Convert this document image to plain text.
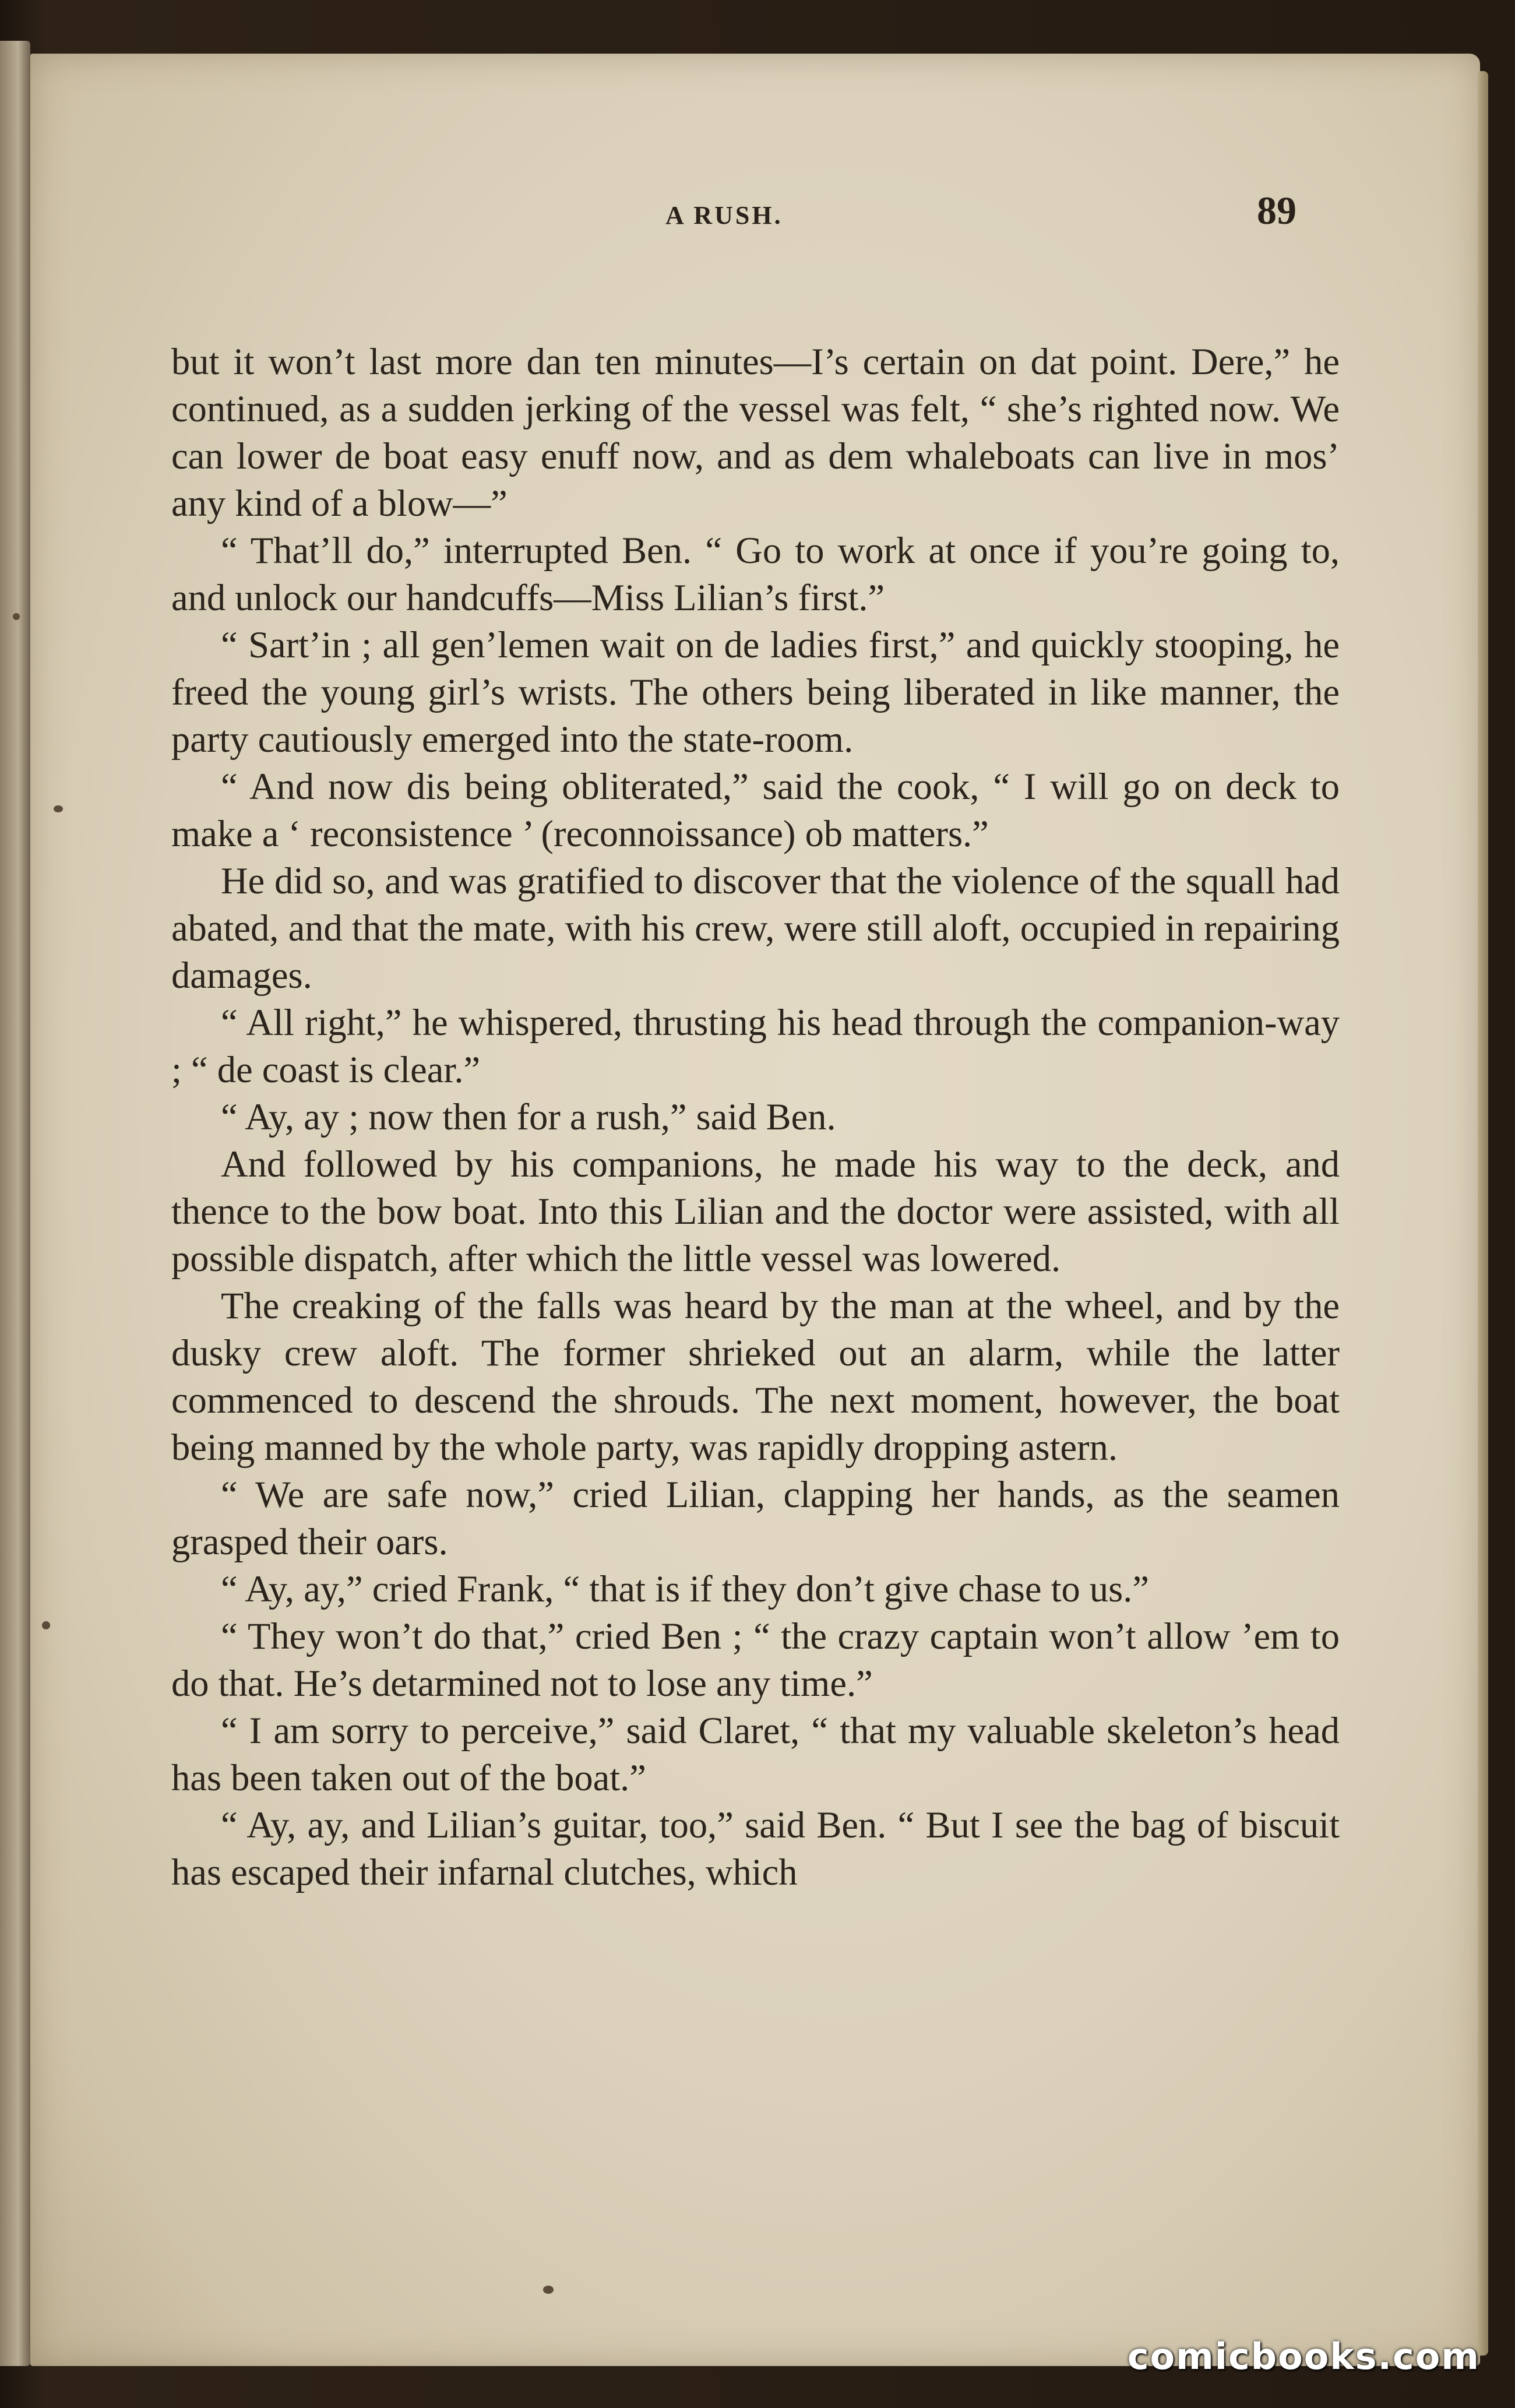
A RUSH.	89

but it won’t last more dan ten minutes—I’s certain on dat point. Dere,” he continued, as a sudden jerking of the vessel was felt, “ she’s righted now. We can lower de boat easy enuff now, and as dem whaleboats can live in mos’ any kind of a blow—”

“ That’ll do,” interrupted Ben. “ Go to work at once if you’re going to, and unlock our handcuffs—Miss Lilian’s first.”

“ Sart’in ; all gen’lemen wait on de ladies first,” and quickly stooping, he freed the young girl’s wrists. The others being liberated in like manner, the party cautiously emerged into the state-room.

“ And now dis being obliterated,” said the cook, “ I will go on deck to make a ‘ reconsistence ’ (reconnoissance) ob matters.”

He did so, and was gratified to discover that the violence of the squall had abated, and that the mate, with his crew, were still aloft, occupied in repairing damages.

“ All right,” he whispered, thrusting his head through the companion-way ; “ de coast is clear.”

“ Ay, ay ; now then for a rush,” said Ben.

And followed by his companions, he made his way to the deck, and thence to the bow boat. Into this Lilian and the doctor were assisted, with all possible dispatch, after which the little vessel was lowered.

The creaking of the falls was heard by the man at the wheel, and by the dusky crew aloft. The former shrieked out an alarm, while the latter commenced to descend the shrouds. The next moment, however, the boat being manned by the whole party, was rapidly dropping astern.

“ We are safe now,” cried Lilian, clapping her hands, as the seamen grasped their oars.

“ Ay, ay,” cried Frank, “ that is if they don’t give chase to us.”

“ They won’t do that,” cried Ben ; “ the crazy captain won’t allow ’em to do that. He’s detarmined not to lose any time.”

“ I am sorry to perceive,” said Claret, “ that my valuable skeleton’s head has been taken out of the boat.”

“ Ay, ay, and Lilian’s guitar, too,” said Ben. “ But I see the bag of biscuit has escaped their infarnal clutches, which

comicbooks.com
